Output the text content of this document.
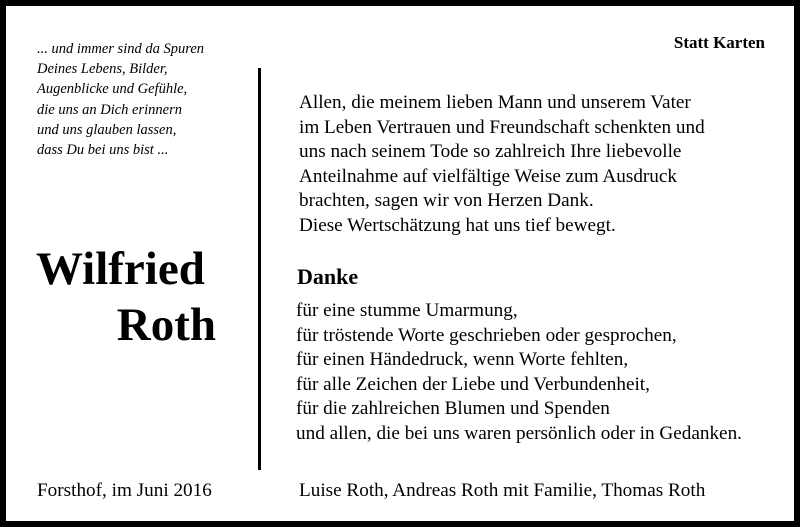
Statt Karten
... und immer sind da Spuren
Deines Lebens, Bilder,
Augenblicke und Gefühle,
die uns an Dich erinnern
und uns glauben lassen,
dass Du bei uns bist ...
Wilfried
Roth
Allen, die meinem lieben Mann und unserem Vater
im Leben Vertrauen und Freundschaft schenkten und
uns nach seinem Tode so zahlreich Ihre liebevolle
Anteilnahme auf vielfältige Weise zum Ausdruck
brachten, sagen wir von Herzen Dank.
Diese Wertschätzung hat uns tief bewegt.
Danke
für eine stumme Umarmung,
für tröstende Worte geschrieben oder gesprochen,
für einen Händedruck, wenn Worte fehlten,
für alle Zeichen der Liebe und Verbundenheit,
für die zahlreichen Blumen und Spenden
und allen, die bei uns waren persönlich oder in Gedanken.
Forsthof, im Juni 2016	Luise Roth, Andreas Roth mit Familie, Thomas Roth
